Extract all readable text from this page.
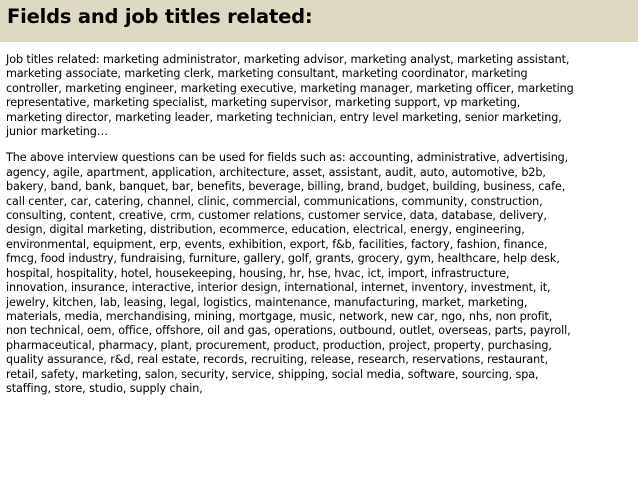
Fields and job titles related:

Job titles related: marketing administrator, marketing advisor, marketing analyst, marketing assistant,
marketing associate, marketing clerk, marketing consultant, marketing coordinator, marketing
controller, marketing engineer, marketing executive, marketing manager, marketing officer, marketing
representative, marketing specialist, marketing supervisor, marketing support, vp marketing,
marketing director, marketing leader, marketing technician, entry level marketing, senior marketing,
junior marketing…

The above interview questions can be used for fields such as: accounting, administrative, advertising,
agency, agile, apartment, application, architecture, asset, assistant, audit, auto, automotive, b2b,
bakery, band, bank, banquet, bar, benefits, beverage, billing, brand, budget, building, business, cafe,
call center, car, catering, channel, clinic, commercial, communications, community, construction,
consulting, content, creative, crm, customer relations, customer service, data, database, delivery,
design, digital marketing, distribution, ecommerce, education, electrical, energy, engineering,
environmental, equipment, erp, events, exhibition, export, f&b, facilities, factory, fashion, finance,
fmcg, food industry, fundraising, furniture, gallery, golf, grants, grocery, gym, healthcare, help desk,
hospital, hospitality, hotel, housekeeping, housing, hr, hse, hvac, ict, import, infrastructure,
innovation, insurance, interactive, interior design, international, internet, inventory, investment, it,
jewelry, kitchen, lab, leasing, legal, logistics, maintenance, manufacturing, market, marketing,
materials, media, merchandising, mining, mortgage, music, network, new car, ngo, nhs, non profit,
non technical, oem, office, offshore, oil and gas, operations, outbound, outlet, overseas, parts, payroll,
pharmaceutical, pharmacy, plant, procurement, product, production, project, property, purchasing,
quality assurance, r&d, real estate, records, recruiting, release, research, reservations, restaurant,
retail, safety, marketing, salon, security, service, shipping, social media, software, sourcing, spa,
staffing, store, studio, supply chain,
